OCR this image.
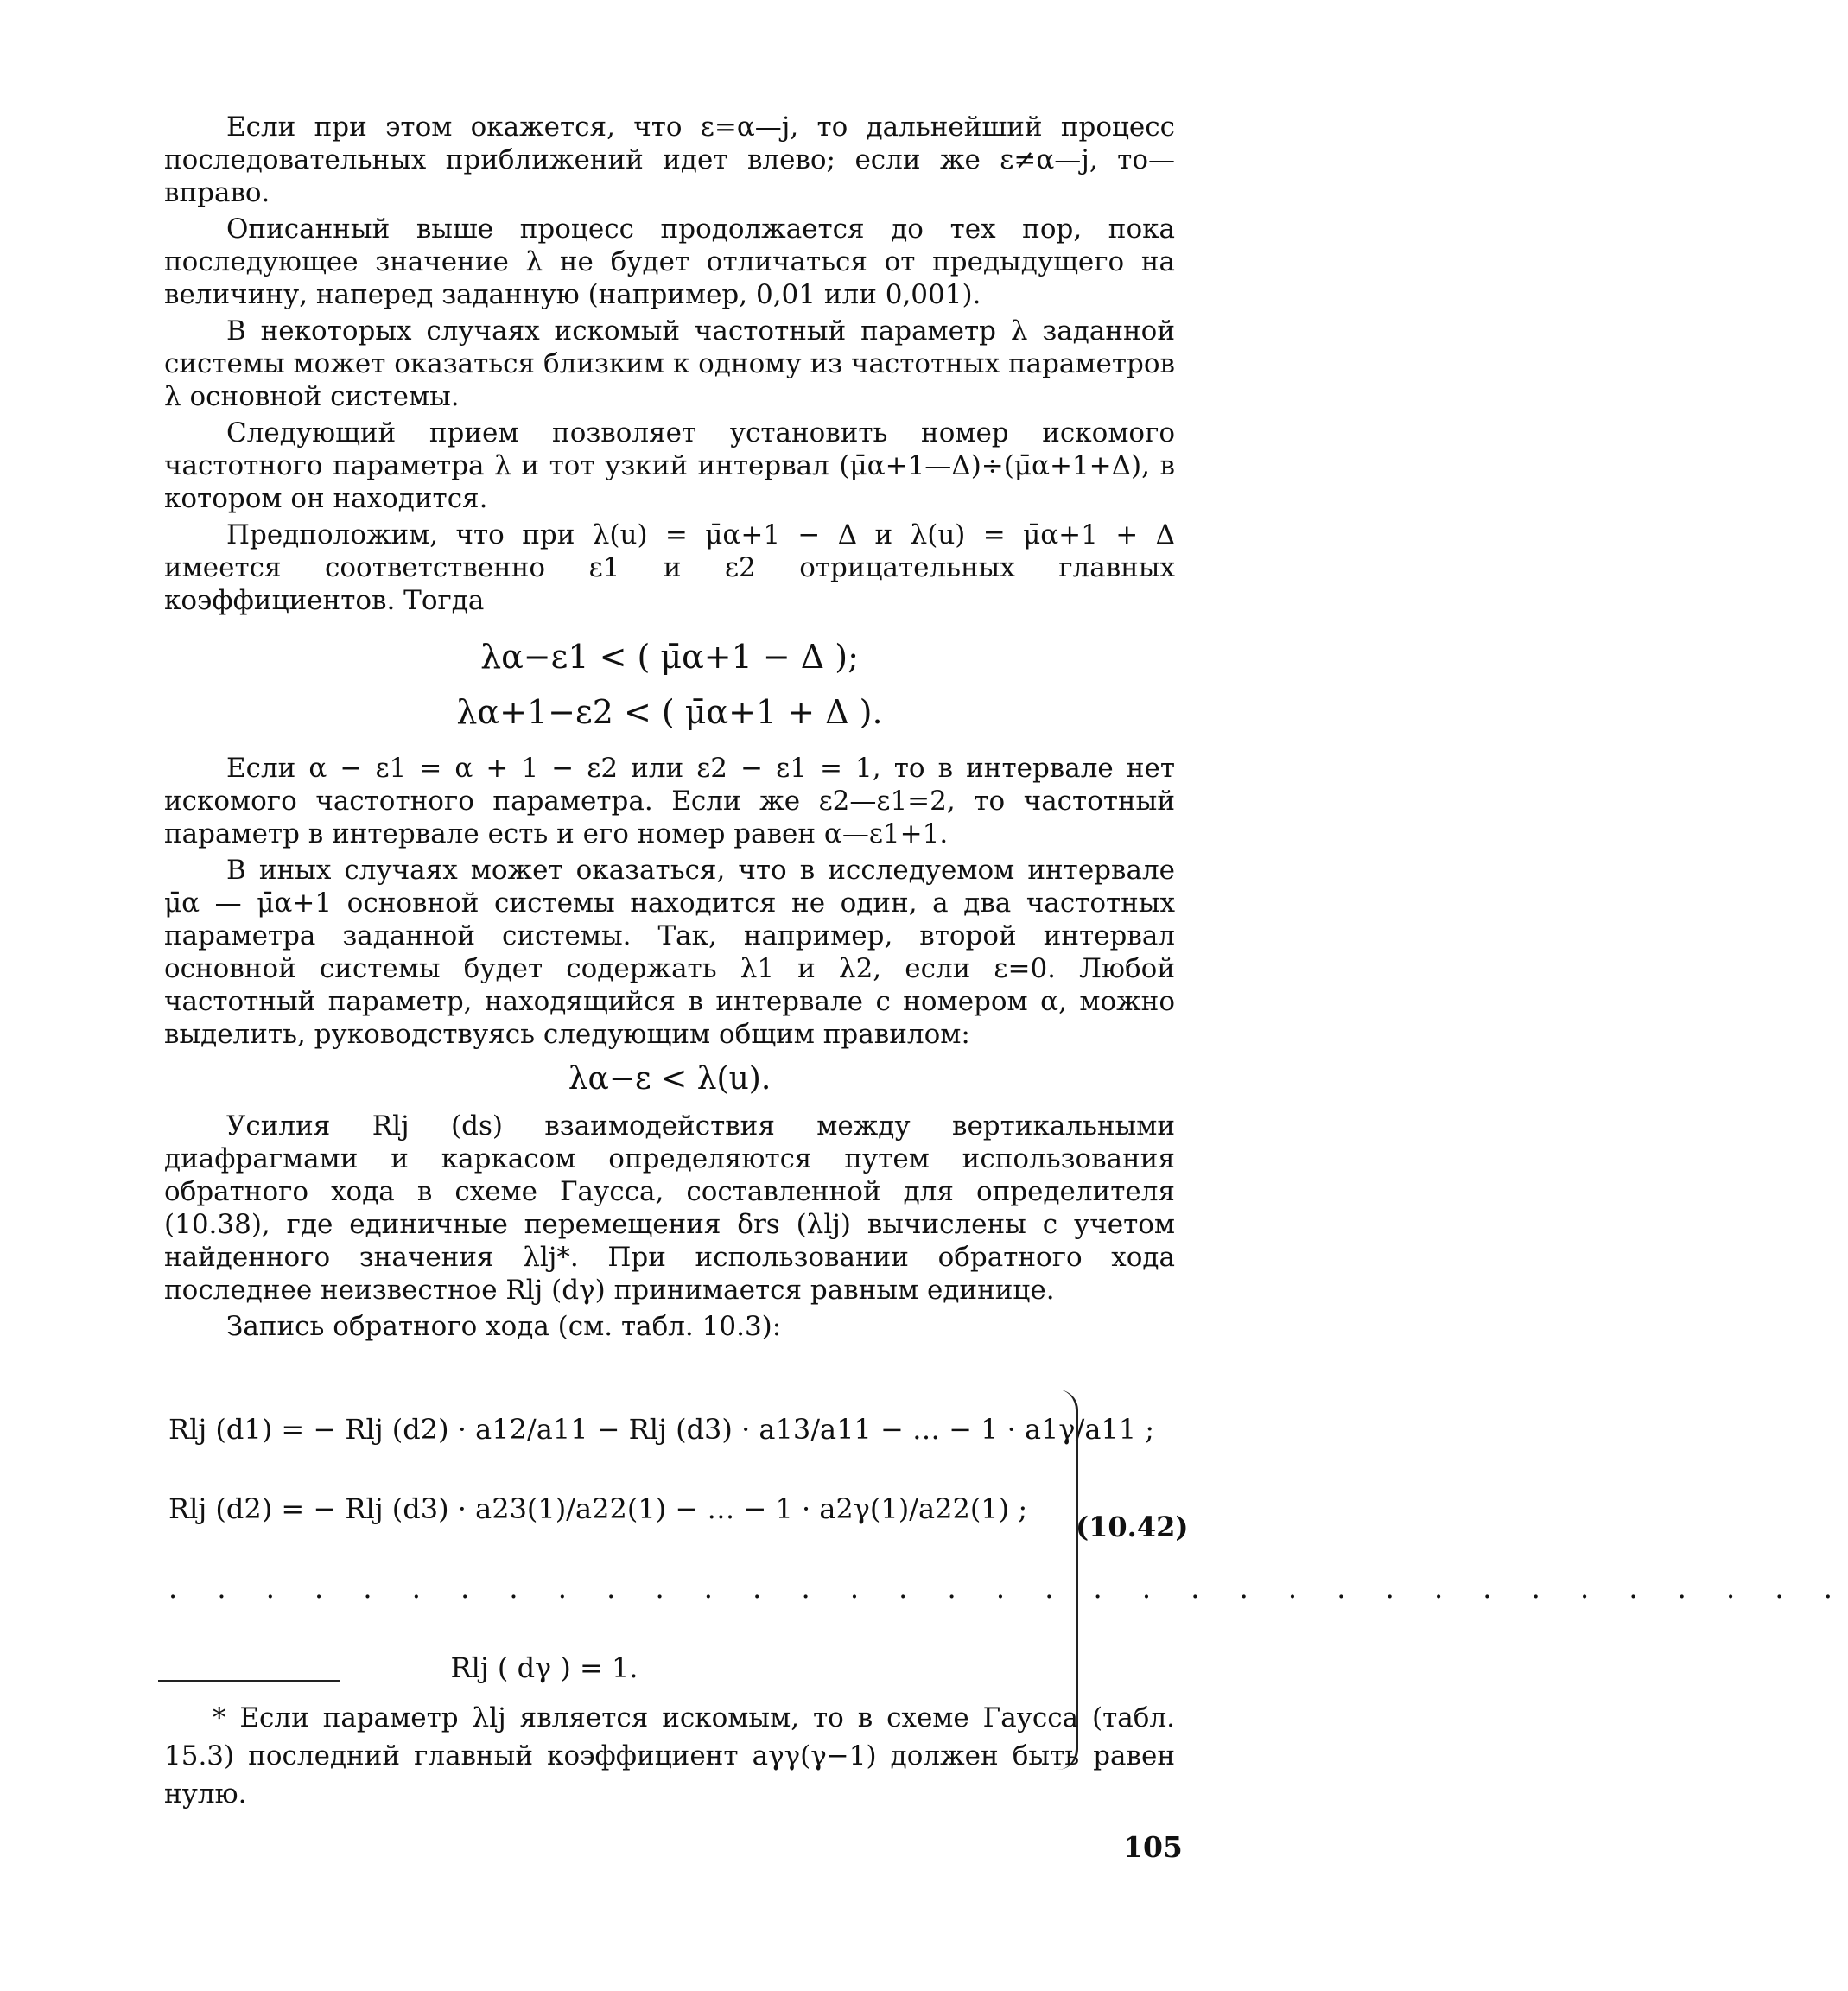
Если при этом окажется, что ε=α—j, то дальнейший процесс последовательных приближений идет влево; если же ε≠α—j, то—вправо.

Описанный выше процесс продолжается до тех пор, пока последующее значение λ не будет отличаться от предыдущего на величину, наперед заданную (например, 0,01 или 0,001).

В некоторых случаях искомый частотный параметр λ заданной системы может оказаться близким к одному из частотных параметров λ основной системы.

Следующий прием позволяет установить номер искомого частотного параметра λ и тот узкий интервал (μ̄α+1—Δ)÷(μ̄α+1+Δ), в котором он находится.

Предположим, что при λ(u) = μ̄α+1 − Δ и λ(u) = μ̄α+1 + Δ имеется соответственно ε1 и ε2 отрицательных главных коэффициентов. Тогда

λα−ε1 < ( μ̄α+1 − Δ );
λα+1−ε2 < ( μ̄α+1 + Δ ).

Если α − ε1 = α + 1 − ε2 или ε2 − ε1 = 1, то в интервале нет искомого частотного параметра. Если же ε2—ε1=2, то частотный параметр в интервале есть и его номер равен α—ε1+1.

В иных случаях может оказаться, что в исследуемом интервале μ̄α — μ̄α+1 основной системы находится не один, а два частотных параметра заданной системы. Так, например, второй интервал основной системы будет содержать λ1 и λ2, если ε=0. Любой частотный параметр, находящийся в интервале с номером α, можно выделить, руководствуясь следующим общим правилом:

λα−ε < λ(u).

Усилия Rlj (ds) взаимодействия между вертикальными диафрагмами и каркасом определяются путем использования обратного хода в схеме Гаусса, составленной для определителя (10.38), где единичные перемещения δrs (λlj) вычислены с учетом найденного значения λlj*. При использовании обратного хода последнее неизвестное Rlj (dγ) принимается равным единице.

Запись обратного хода (см. табл. 10.3):

Rlj (d1) = − Rlj (d2) · a12/a11 − Rlj (d3) · a13/a11 − … − 1 · a1γ/a11 ;
Rlj (d2) = − Rlj (d3) · a23(1)/a22(1) − … − 1 · a2γ(1)/a22(1) ;
. . . . . . . . . . . . . . . . . . . . . . . . . . . . . . . . . . .
Rlj ( dγ ) = 1.
(10.42)

* Если параметр λlj является искомым, то в схеме Гаусса (табл. 15.3) последний главный коэффициент aγγ(γ−1) должен быть равен нулю.

105
